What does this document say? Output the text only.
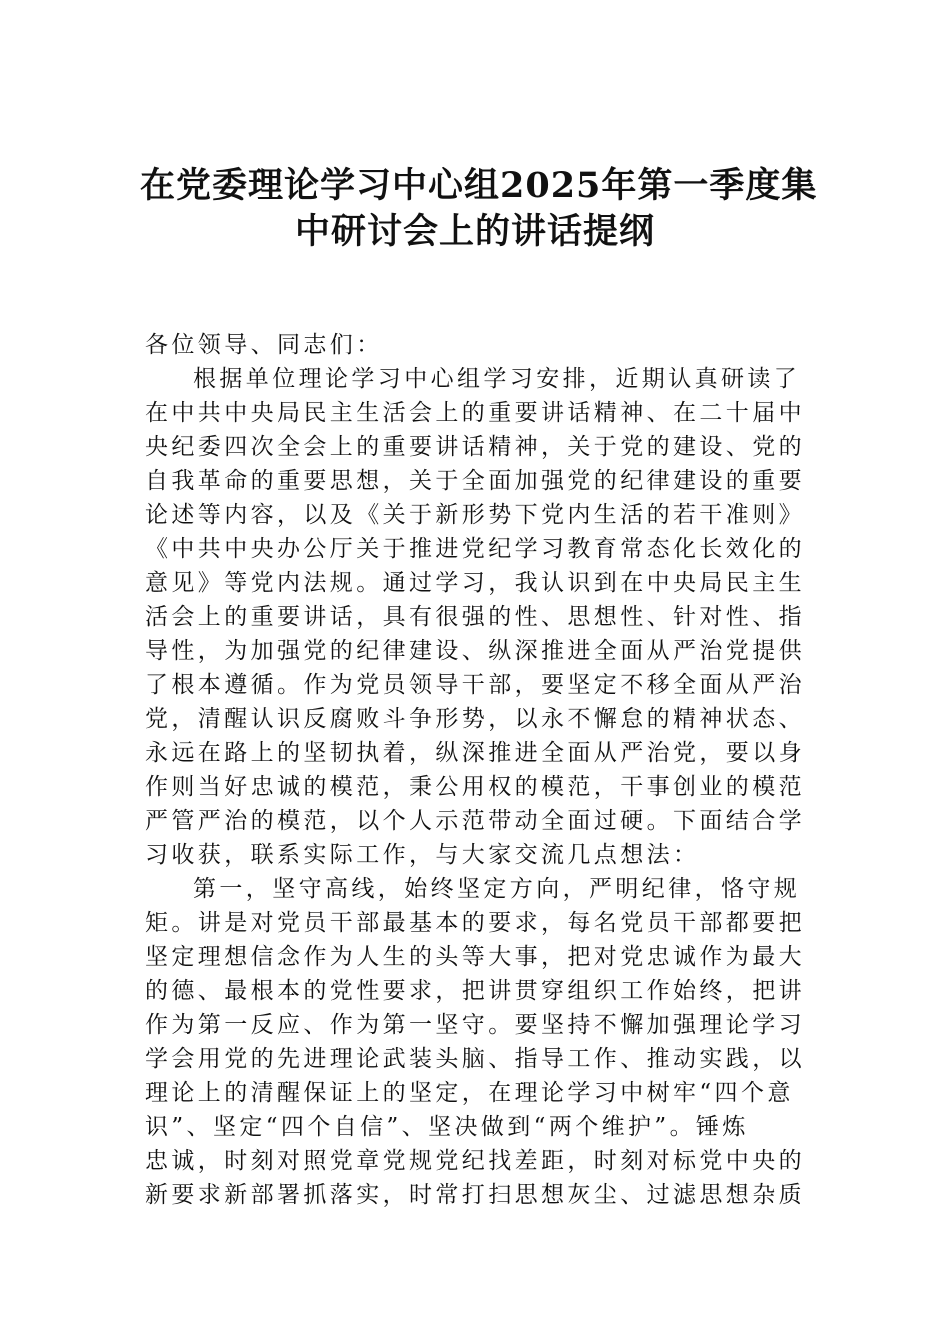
在党委理论学习中心组2025年第一季度集
中研讨会上的讲话提纲
各位领导、同志们：
根据单位理论学习中心组学习安排，近期认真研读了
在中共中央局民主生活会上的重要讲话精神、在二十届中
央纪委四次全会上的重要讲话精神，关于党的建设、党的
自我革命的重要思想，关于全面加强党的纪律建设的重要
论述等内容，以及《关于新形势下党内生活的若干准则》
《中共中央办公厅关于推进党纪学习教育常态化长效化的
意见》等党内法规。通过学习，我认识到在中央局民主生
活会上的重要讲话，具有很强的性、思想性、针对性、指
导性，为加强党的纪律建设、纵深推进全面从严治党提供
了根本遵循。作为党员领导干部，要坚定不移全面从严治
党，清醒认识反腐败斗争形势，以永不懈怠的精神状态、
永远在路上的坚韧执着，纵深推进全面从严治党，要以身
作则当好忠诚的模范，秉公用权的模范，干事创业的模范
严管严治的模范，以个人示范带动全面过硬。下面结合学
习收获，联系实际工作，与大家交流几点想法：
第一，坚守高线，始终坚定方向，严明纪律，恪守规
矩。讲是对党员干部最基本的要求，每名党员干部都要把
坚定理想信念作为人生的头等大事，把对党忠诚作为最大
的德、最根本的党性要求，把讲贯穿组织工作始终，把讲
作为第一反应、作为第一坚守。要坚持不懈加强理论学习
学会用党的先进理论武装头脑、指导工作、推动实践，以
理论上的清醒保证上的坚定，在理论学习中树牢“四个意
识”、坚定“四个自信”、坚决做到“两个维护”。锤炼
忠诚，时刻对照党章党规党纪找差距，时刻对标党中央的
新要求新部署抓落实，时常打扫思想灰尘、过滤思想杂质
